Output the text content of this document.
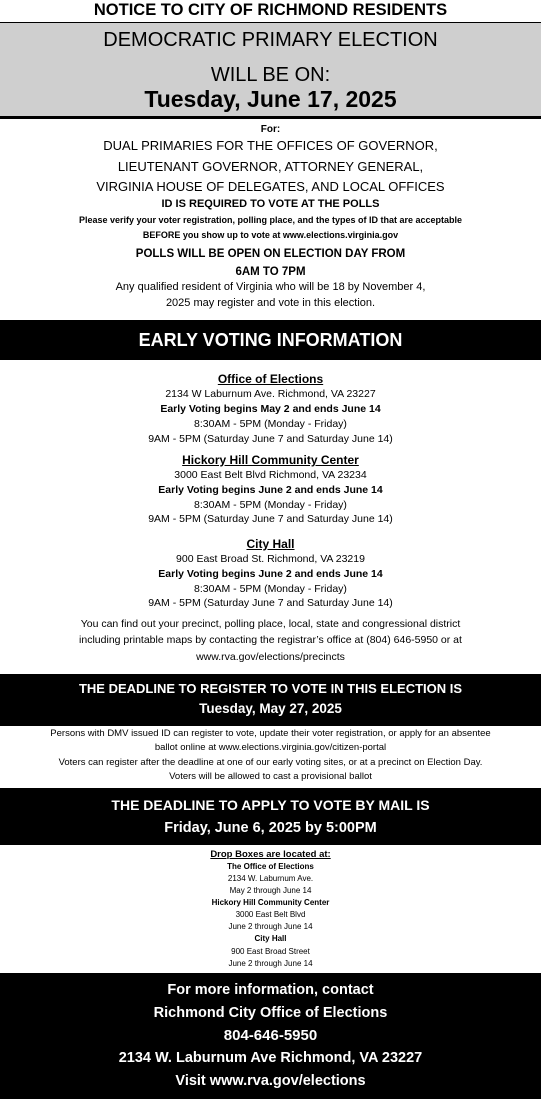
NOTICE TO CITY OF RICHMOND RESIDENTS
DEMOCRATIC PRIMARY ELECTION
WILL BE ON:
Tuesday, June 17, 2025
For:
DUAL PRIMARIES FOR THE OFFICES OF GOVERNOR,
LIEUTENANT GOVERNOR, ATTORNEY GENERAL,
VIRGINIA HOUSE OF DELEGATES, AND LOCAL OFFICES
ID IS REQUIRED TO VOTE AT THE POLLS
Please verify your voter registration, polling place, and the types of ID that are acceptable
BEFORE you show up to vote at www.elections.virginia.gov
POLLS WILL BE OPEN ON ELECTION DAY FROM
6AM TO 7PM
Any qualified resident of Virginia who will be 18 by November 4,
2025 may register and vote in this election.
EARLY VOTING INFORMATION
Office of Elections
2134 W Laburnum Ave. Richmond, VA 23227
Early Voting begins May 2 and ends June 14
8:30AM - 5PM (Monday - Friday)
9AM - 5PM (Saturday June 7 and Saturday June 14)
Hickory Hill Community Center
3000 East Belt Blvd Richmond, VA 23234
Early Voting begins June 2 and ends June 14
8:30AM - 5PM (Monday - Friday)
9AM - 5PM (Saturday June 7 and Saturday June 14)
City Hall
900 East Broad St. Richmond, VA 23219
Early Voting begins June 2 and ends June 14
8:30AM - 5PM (Monday - Friday)
9AM - 5PM (Saturday June 7 and Saturday June 14)
You can find out your precinct, polling place, local, state and congressional district
including printable maps by contacting the registrar’s office at (804) 646-5950 or at
www.rva.gov/elections/precincts
THE DEADLINE TO REGISTER TO VOTE IN THIS ELECTION IS
Tuesday, May 27, 2025
Persons with DMV issued ID can register to vote, update their voter registration, or apply for an absentee
ballot online at www.elections.virginia.gov/citizen-portal
Voters can register after the deadline at one of our early voting sites, or at a precinct on Election Day.
Voters will be allowed to cast a provisional ballot
THE DEADLINE TO APPLY TO VOTE BY MAIL IS
Friday, June 6, 2025 by 5:00PM
Drop Boxes are located at:
The Office of Elections
2134 W. Laburnum Ave.
May 2 through June 14
Hickory Hill Community Center
3000 East Belt Blvd
June 2 through June 14
City Hall
900 East Broad Street
June 2 through June 14
For more information, contact
Richmond City Office of Elections
804-646-5950
2134 W. Laburnum Ave Richmond, VA 23227
Visit www.rva.gov/elections
